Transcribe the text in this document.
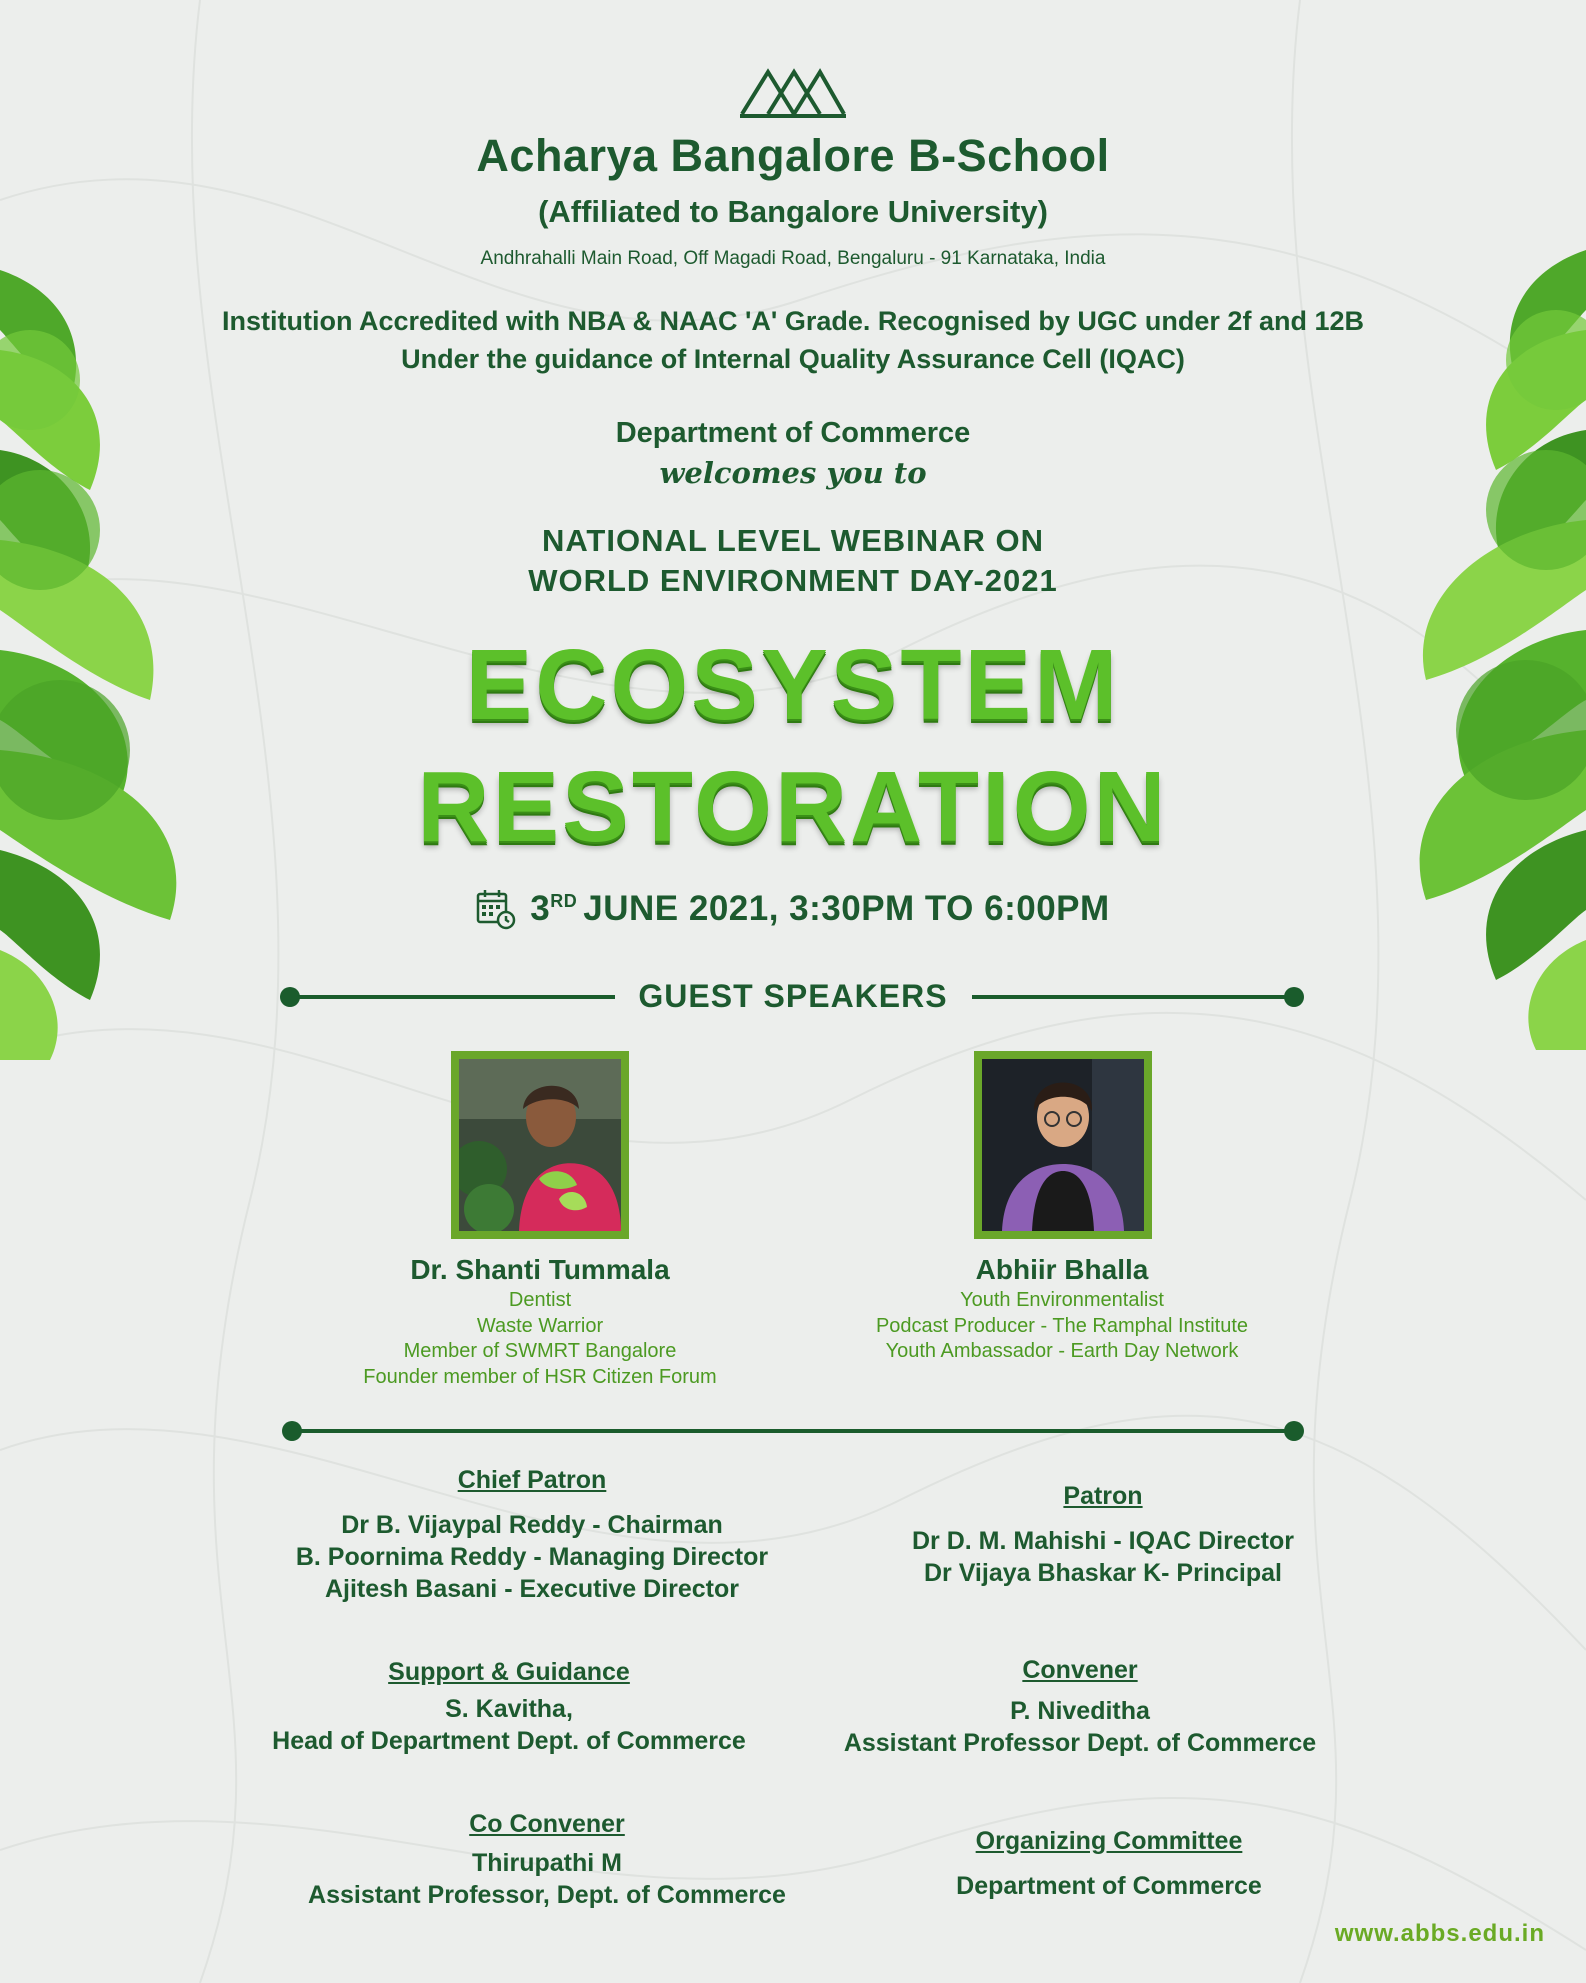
Acharya Bangalore B-School
(Affiliated to Bangalore University)
Andhrahalli Main Road, Off Magadi Road, Bengaluru - 91 Karnataka, India
Institution Accredited with NBA & NAAC 'A' Grade. Recognised by UGC under 2f and 12B
Under the guidance of Internal Quality Assurance Cell (IQAC)
Department of Commerce
welcomes you to
NATIONAL LEVEL WEBINAR ON
WORLD ENVIRONMENT DAY-2021
ECOSYSTEM
RESTORATION
3RD JUNE 2021, 3:30PM TO 6:00PM
GUEST SPEAKERS
Dr. Shanti Tummala
Dentist
Waste Warrior
Member of SWMRT Bangalore
Founder member of HSR Citizen Forum
Abhiir Bhalla
Youth Environmentalist
Podcast Producer - The Ramphal Institute
Youth Ambassador - Earth Day Network
Chief Patron
Dr B. Vijaypal Reddy - Chairman
B. Poornima Reddy - Managing Director
Ajitesh Basani - Executive Director
Support & Guidance
S. Kavitha,
Head of Department Dept. of Commerce
Co Convener
Thirupathi M
Assistant Professor, Dept. of Commerce
Patron
Dr D. M. Mahishi - IQAC Director
Dr Vijaya Bhaskar K- Principal
Convener
P. Niveditha
Assistant Professor Dept. of Commerce
Organizing Committee
Department of Commerce
www.abbs.edu.in
